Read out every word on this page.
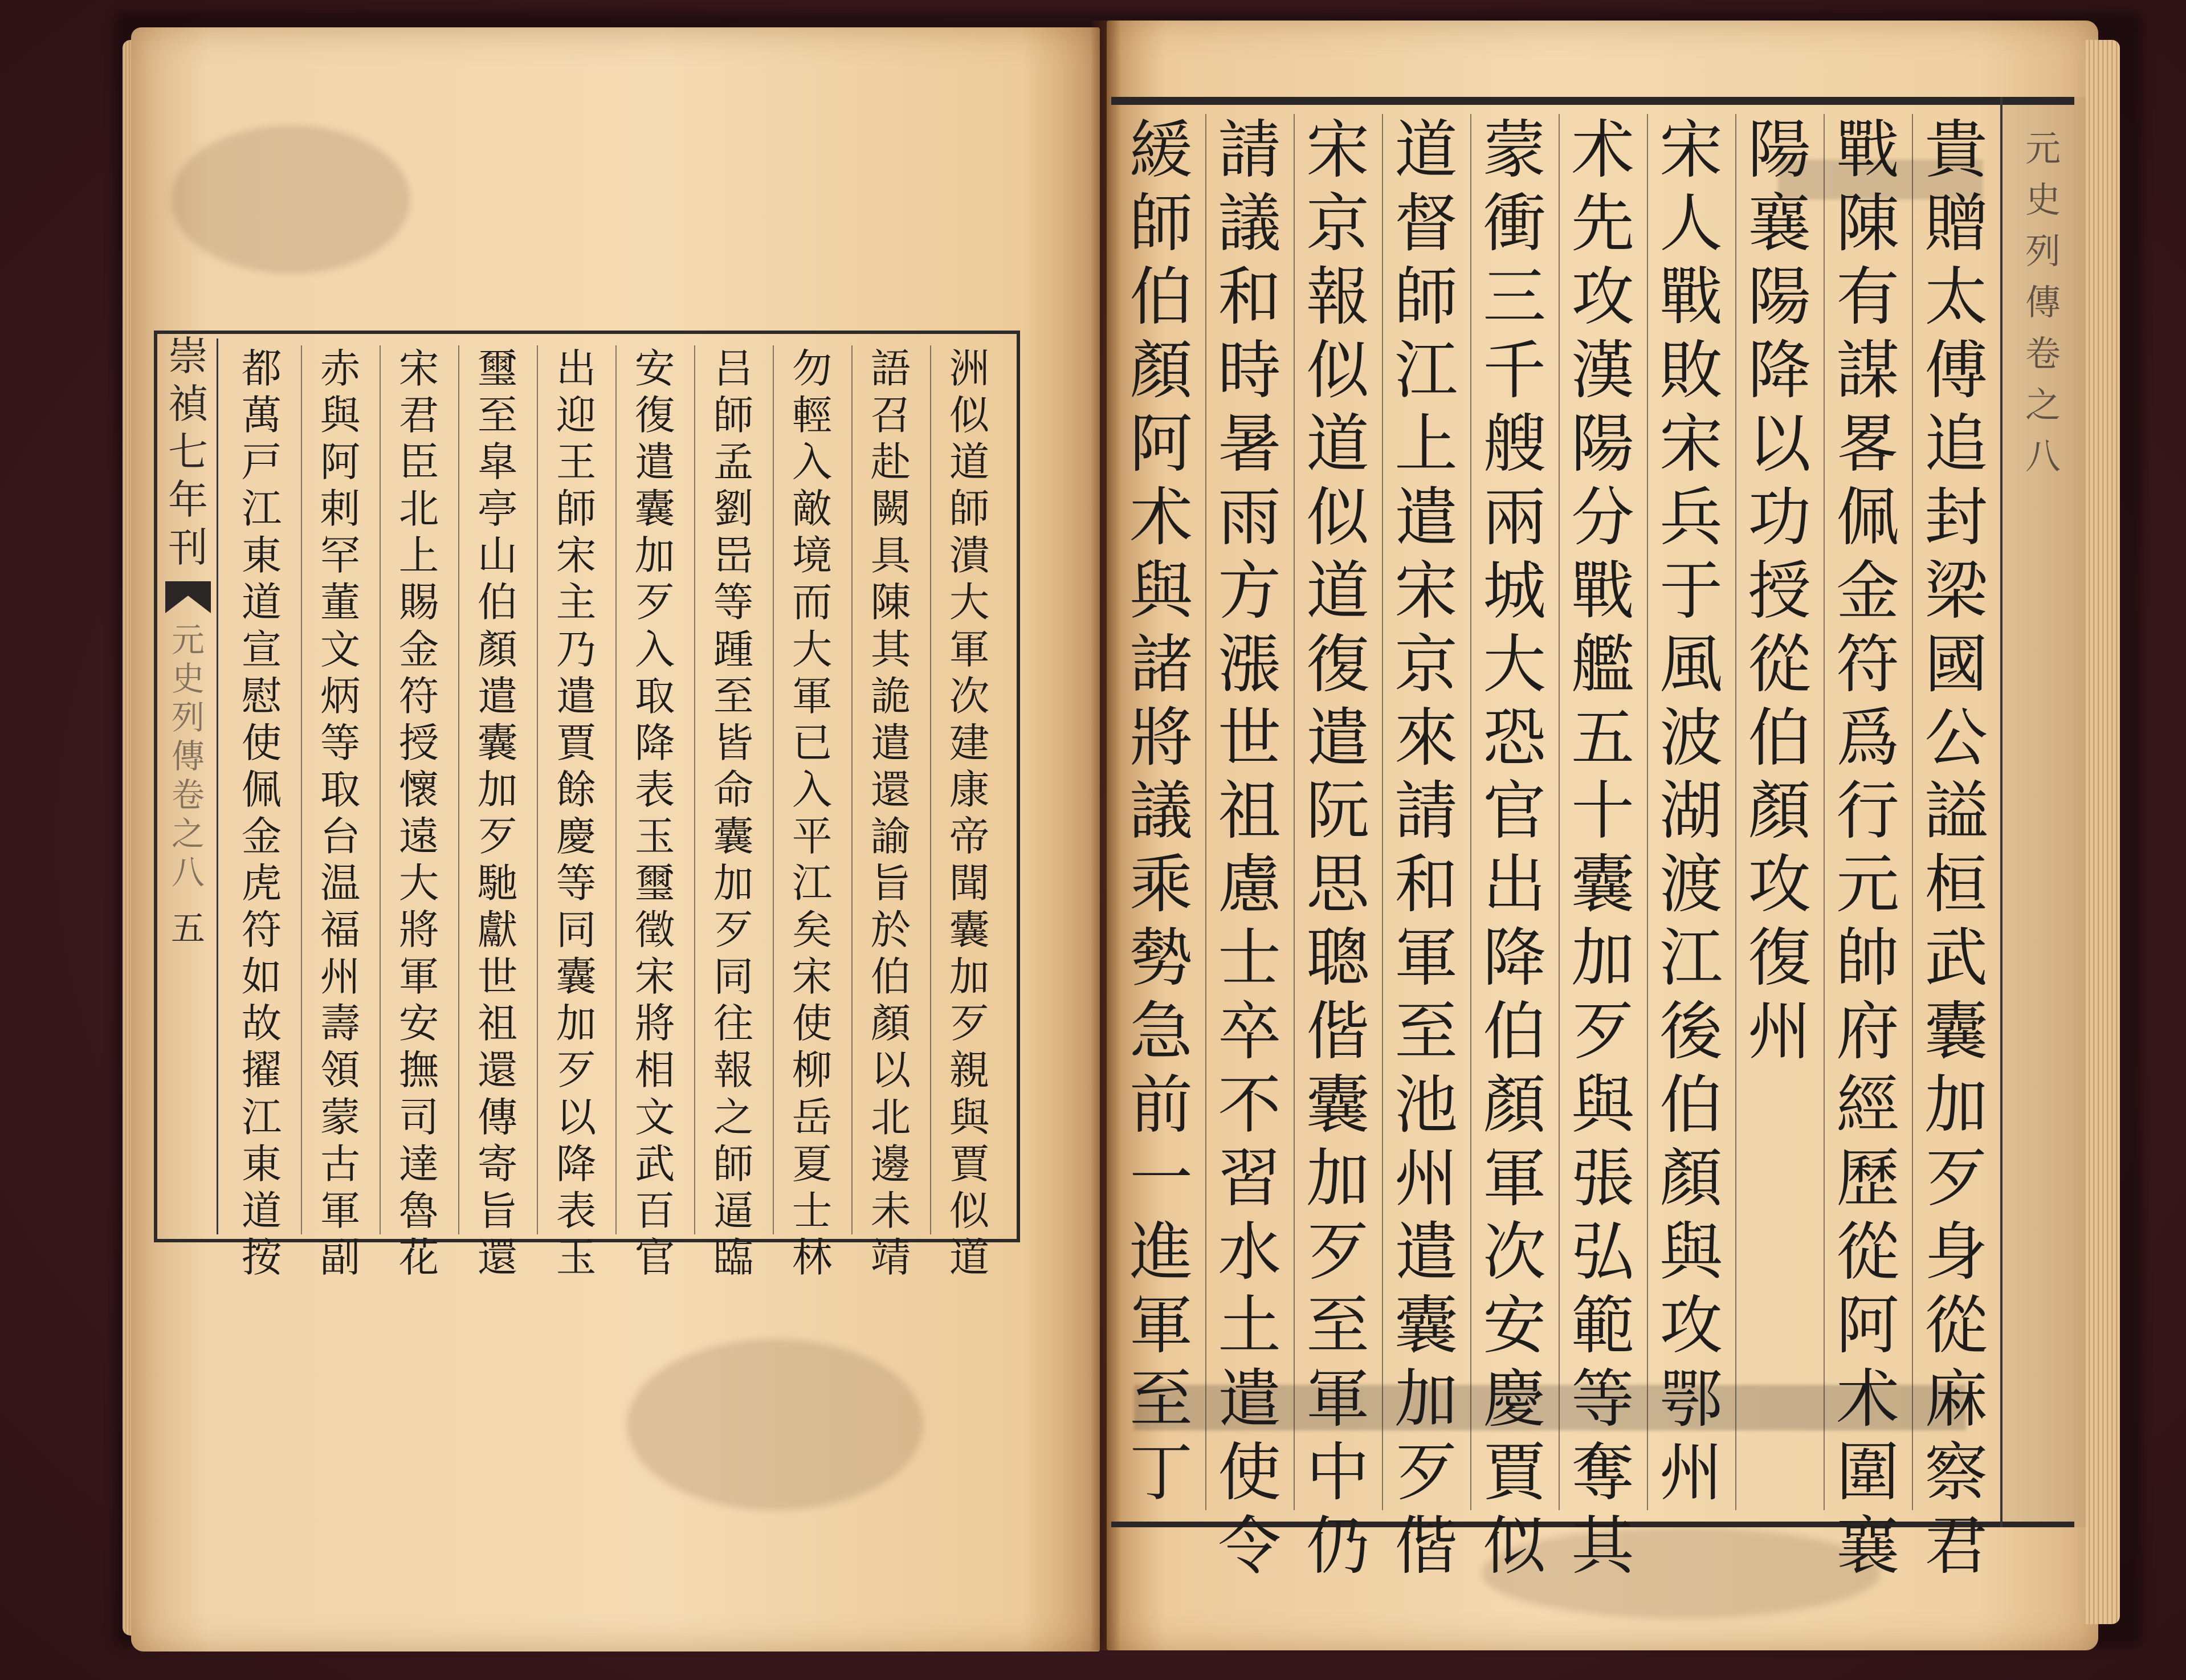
崇
禎
七
年
刊
元
史
列
傳
卷
之
八
五
洲
似
道
師
潰
大
軍
次
建
康
帝
聞
囊
加
歹
親
與
賈
似
道
語
召
赴
闕
具
陳
其
詭
遣
還
諭
旨
於
伯
顏
以
北
邊
未
靖
勿
輕
入
敵
境
而
大
軍
已
入
平
江
矣
宋
使
柳
岳
夏
士
林
吕
師
孟
劉
岊
等
踵
至
皆
命
囊
加
歹
同
往
報
之
師
逼
臨
安
復
遣
囊
加
歹
入
取
降
表
玉
璽
徵
宋
將
相
文
武
百
官
出
迎
王
師
宋
主
乃
遣
賈
餘
慶
等
同
囊
加
歹
以
降
表
玉
璽
至
皐
亭
山
伯
顏
遣
囊
加
歹
馳
獻
世
祖
還
傳
寄
旨
還
宋
君
臣
北
上
賜
金
符
授
懷
遠
大
將
軍
安
撫
司
達
魯
花
赤
與
阿
剌
罕
董
文
炳
等
取
台
温
福
州
壽
領
蒙
古
軍
副
都
萬
戸
江
東
道
宣
慰
使
佩
金
虎
符
如
故
擢
江
東
道
按
元
史
列
傳
卷
之
八
貴
贈
太
傅
追
封
梁
國
公
謚
桓
武
囊
加
歹
身
從
麻
察
君
戰
陳
有
謀
畧
佩
金
符
爲
行
元
帥
府
經
歷
從
阿
术
圍
襄
陽
襄
陽
降
以
功
授
從
伯
顏
攻
復
州
宋
人
戰
敗
宋
兵
于
風
波
湖
渡
江
後
伯
顏
與
攻
鄂
州
术
先
攻
漢
陽
分
戰
艦
五
十
囊
加
歹
與
張
弘
範
等
奪
其
蒙
衝
三
千
艘
兩
城
大
恐
官
出
降
伯
顏
軍
次
安
慶
賈
似
道
督
師
江
上
遣
宋
京
來
請
和
軍
至
池
州
遣
囊
加
歹
偕
宋
京
報
似
道
似
道
復
遣
阮
思
聰
偕
囊
加
歹
至
軍
中
仍
請
議
和
時
暑
雨
方
漲
世
祖
慮
士
卒
不
習
水
土
遣
使
令
緩
師
伯
顏
阿
术
與
諸
將
議
乘
勢
急
前
一
進
軍
至
丁
